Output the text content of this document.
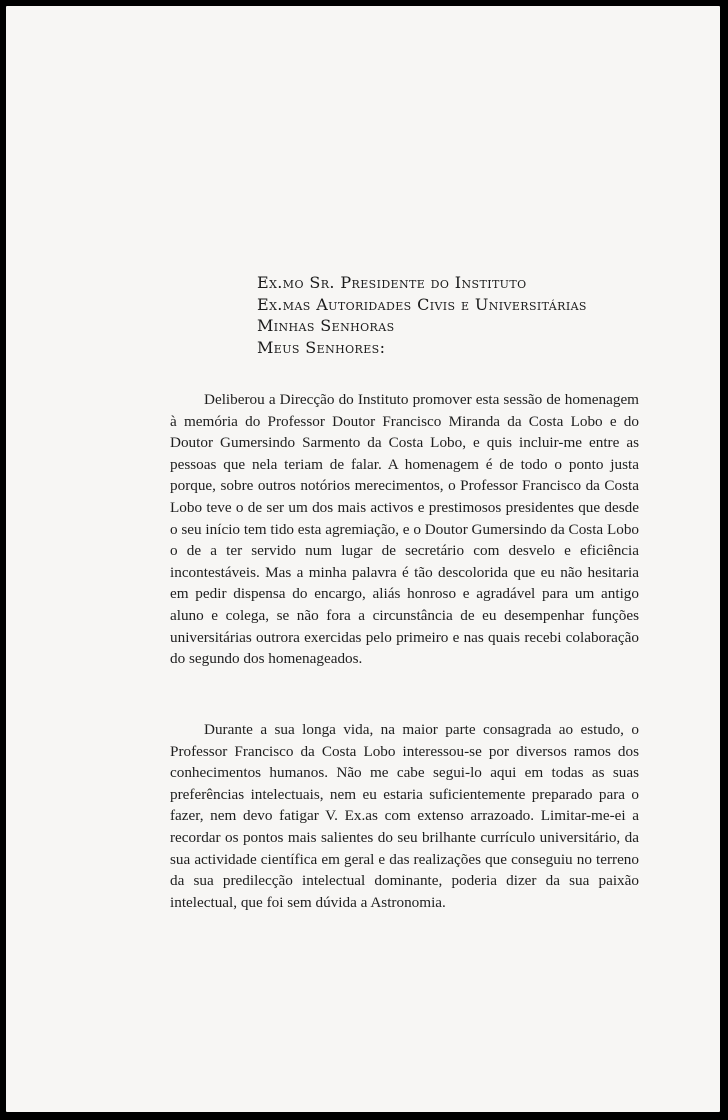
Ex.mo Sr. Presidente do Instituto
Ex.mas Autoridades Civis e Universitárias
Minhas Senhoras
Meus Senhores:

Deliberou a Direcção do Instituto promover esta sessão de homenagem à memória do Professor Doutor Francisco Miranda da Costa Lobo e do Doutor Gumersindo Sarmento da Costa Lobo, e quis incluir-me entre as pessoas que nela teriam de falar. A homenagem é de todo o ponto justa porque, sobre outros notórios merecimentos, o Professor Francisco da Costa Lobo teve o de ser um dos mais activos e prestimosos presidentes que desde o seu início tem tido esta agremiação, e o Doutor Gumersindo da Costa Lobo o de a ter servido num lugar de secretário com desvelo e eficiência incontestáveis. Mas a minha palavra é tão descolorida que eu não hesitaria em pedir dispensa do encargo, aliás honroso e agradável para um antigo aluno e colega, se não fora a circunstância de eu desempenhar funções universitárias outrora exercidas pelo primeiro e nas quais recebi colaboração do segundo dos homenageados.

Durante a sua longa vida, na maior parte consagrada ao estudo, o Professor Francisco da Costa Lobo interessou-se por diversos ramos dos conhecimentos humanos. Não me cabe segui-lo aqui em todas as suas preferências intelectuais, nem eu estaria suficientemente preparado para o fazer, nem devo fatigar V. Ex.as com extenso arrazoado. Limitar-me-ei a recordar os pontos mais salientes do seu brilhante currículo universitário, da sua actividade científica em geral e das realizações que conseguiu no terreno da sua predilecção intelectual dominante, poderia dizer da sua paixão intelectual, que foi sem dúvida a Astronomia.
